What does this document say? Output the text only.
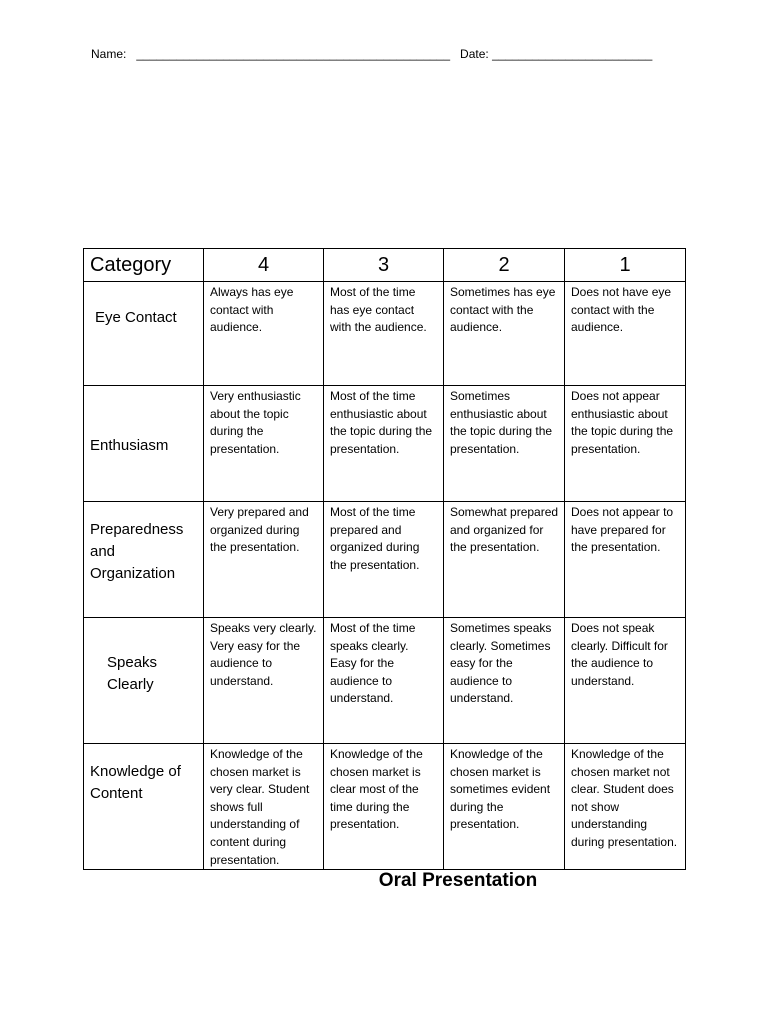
Name: _______________________________________________ Date: ________________________
Category	4	3	2	1

Eye Contact	Always has eye contact with audience.	Most of the time has eye contact with the audience.	Sometimes has eye contact with the audience.	Does not have eye contact with the audience.

Enthusiasm	Very enthusiastic about the topic during the presentation.	Most of the time enthusiastic about the topic during the presentation.	Sometimes enthusiastic about the topic during the presentation.	Does not appear enthusiastic about the topic during the presentation.

Preparedness and Organization	Very prepared and organized during the presentation.	Most of the time prepared and organized during the presentation.	Somewhat prepared and organized for the presentation.	Does not appear to have prepared for the presentation.

Speaks Clearly	Speaks very clearly. Very easy for the audience to understand.	Most of the time speaks clearly. Easy for the audience to understand.	Sometimes speaks clearly. Sometimes easy for the audience to understand.	Does not speak clearly. Difficult for the audience to understand.

Knowledge of Content	Knowledge of the chosen market is very clear. Student shows full understanding of content during presentation.	Knowledge of the chosen market is clear most of the time during the presentation.	Knowledge of the chosen market is sometimes evident during the presentation.	Knowledge of the chosen market not clear. Student does not show understanding during presentation.
Oral Presentation
